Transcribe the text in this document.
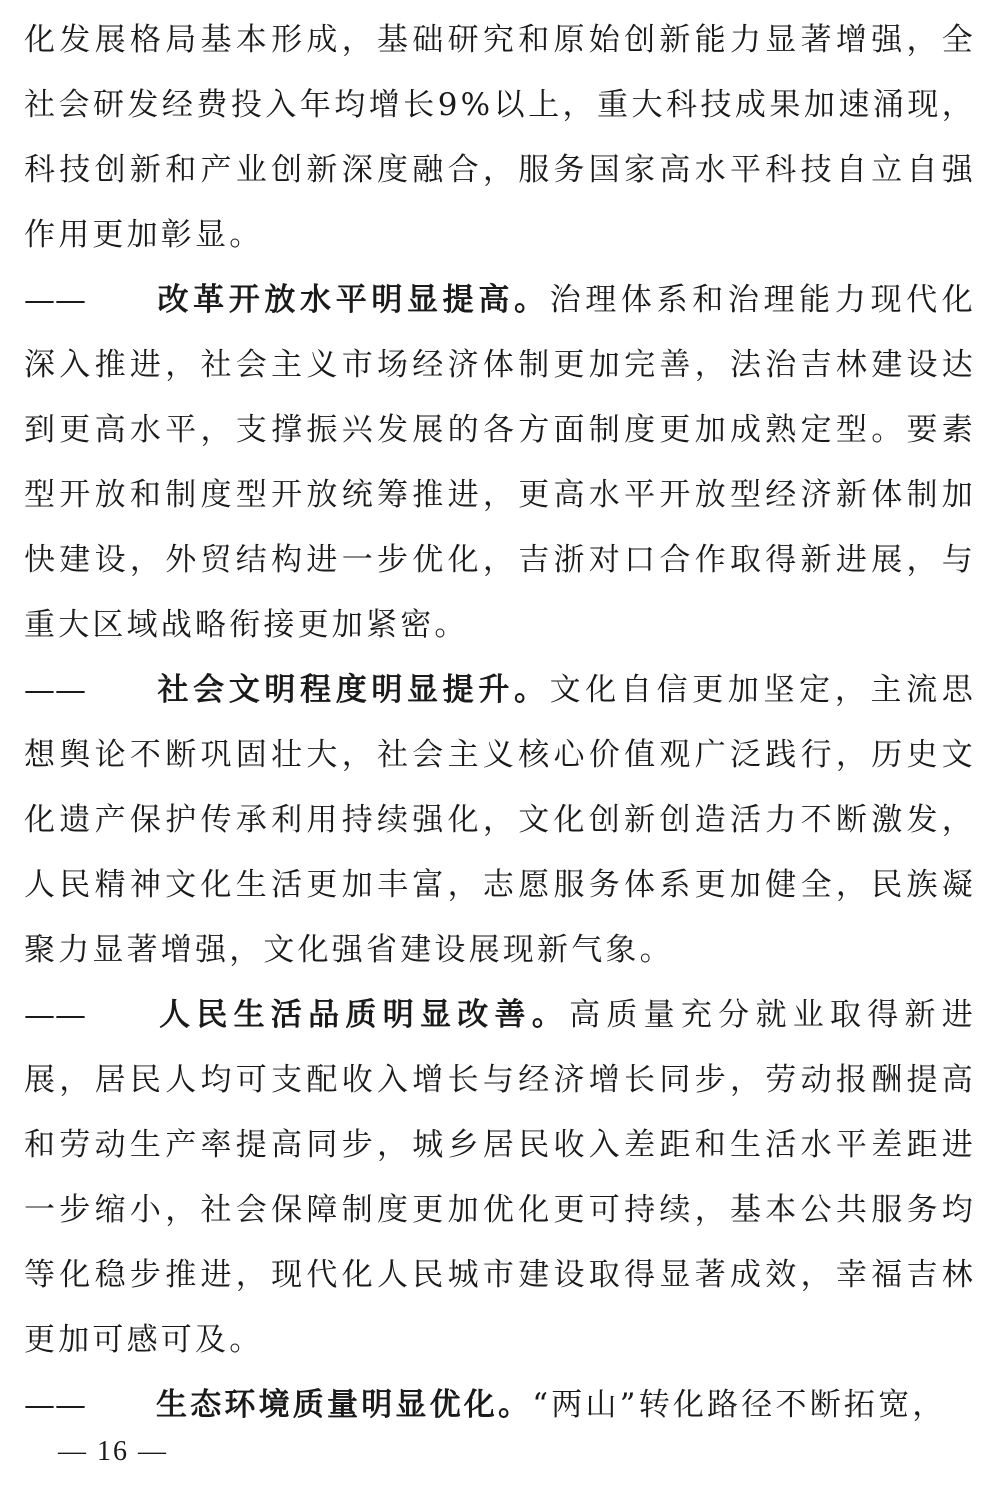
化发展格局基本形成，基础研究和原始创新能力显著增强，全社会研发经费投入年均增长9%以上，重大科技成果加速涌现，科技创新和产业创新深度融合，服务国家高水平科技自立自强作用更加彰显。

—— 改革开放水平明显提高。治理体系和治理能力现代化深入推进，社会主义市场经济体制更加完善，法治吉林建设达到更高水平，支撑振兴发展的各方面制度更加成熟定型。要素型开放和制度型开放统筹推进，更高水平开放型经济新体制加快建设，外贸结构进一步优化，吉浙对口合作取得新进展，与重大区域战略衔接更加紧密。

—— 社会文明程度明显提升。文化自信更加坚定，主流思想舆论不断巩固壮大，社会主义核心价值观广泛践行，历史文化遗产保护传承利用持续强化，文化创新创造活力不断激发，人民精神文化生活更加丰富，志愿服务体系更加健全，民族凝聚力显著增强，文化强省建设展现新气象。

—— 人民生活品质明显改善。高质量充分就业取得新进展，居民人均可支配收入增长与经济增长同步，劳动报酬提高和劳动生产率提高同步，城乡居民收入差距和生活水平差距进一步缩小，社会保障制度更加优化更可持续，基本公共服务均等化稳步推进，现代化人民城市建设取得显著成效，幸福吉林更加可感可及。

—— 生态环境质量明显优化。“两山”转化路径不断拓宽，

— 16 —
